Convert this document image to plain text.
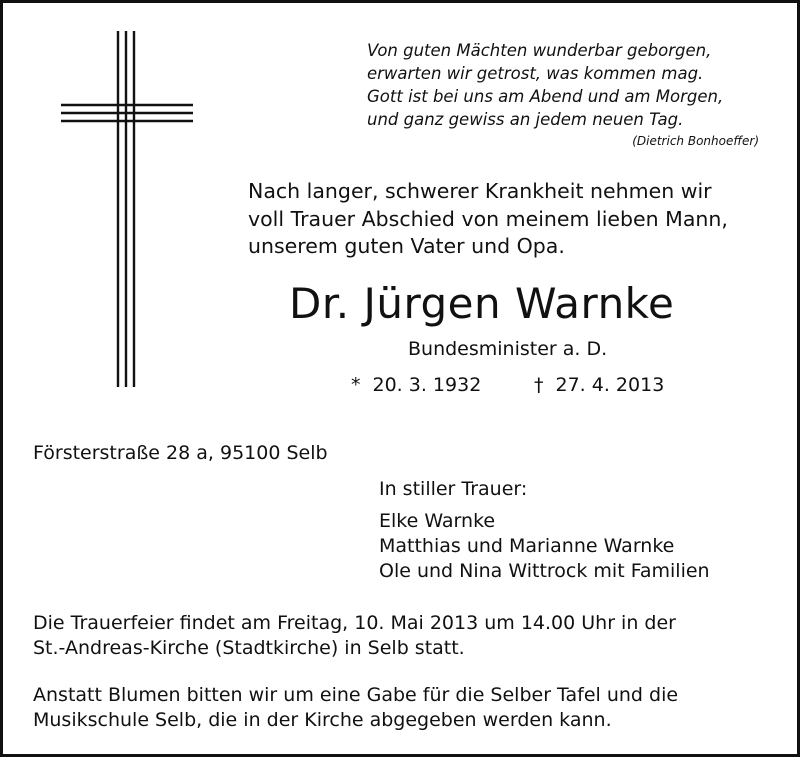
Von guten Mächten wunderbar geborgen,
erwarten wir getrost, was kommen mag.
Gott ist bei uns am Abend und am Morgen,
und ganz gewiss an jedem neuen Tag.
(Dietrich Bonhoeffer)
Nach langer, schwerer Krankheit nehmen wir
voll Trauer Abschied von meinem lieben Mann,
unserem guten Vater und Opa.
Dr. Jürgen Warnke
Bundesminister a. D.
* 20. 3. 1932	† 27. 4. 2013
Försterstraße 28 a, 95100 Selb
In stiller Trauer:
Elke Warnke
Matthias und Marianne Warnke
Ole und Nina Wittrock mit Familien
Die Trauerfeier findet am Freitag, 10. Mai 2013 um 14.00 Uhr in der
St.-Andreas-Kirche (Stadtkirche) in Selb statt.
Anstatt Blumen bitten wir um eine Gabe für die Selber Tafel und die
Musikschule Selb, die in der Kirche abgegeben werden kann.
